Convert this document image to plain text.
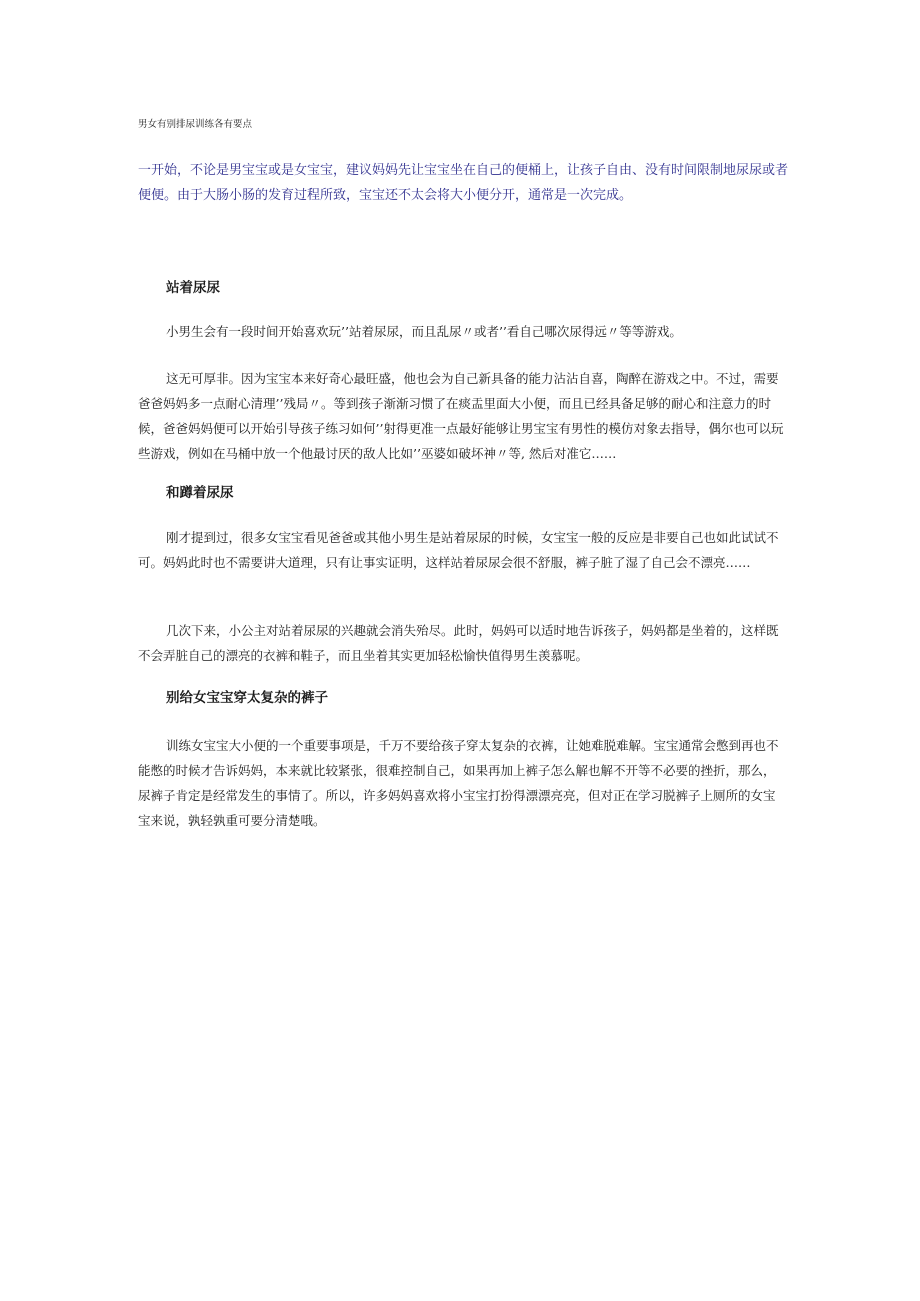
男女有别排尿训练各有要点

一开始，不论是男宝宝或是女宝宝，建议妈妈先让宝宝坐在自己的便桶上，让孩子自由、没有时间限制地尿尿或者便便。由于大肠小肠的发育过程所致，宝宝还不太会将大小便分开，通常是一次完成。

站着尿尿

小男生会有一段时间开始喜欢玩’’站着尿尿，而且乱尿〃或者’’看自己哪次尿得远〃等等游戏。

这无可厚非。因为宝宝本来好奇心最旺盛，他也会为自己新具备的能力沾沾自喜，陶醉在游戏之中。不过，需要爸爸妈妈多一点耐心清理’’残局〃。等到孩子渐渐习惯了在痰盂里面大小便，而且已经具备足够的耐心和注意力的时候，爸爸妈妈便可以开始引导孩子练习如何’’射得更准一点最好能够让男宝宝有男性的模仿对象去指导，偶尔也可以玩些游戏，例如在马桶中放一个他最讨厌的敌人比如’’巫婆如破坏神〃等, 然后对准它……

和蹲着尿尿

刚才提到过，很多女宝宝看见爸爸或其他小男生是站着尿尿的时候，女宝宝一般的反应是非要自己也如此试试不可。妈妈此时也不需要讲大道理，只有让事实证明，这样站着尿尿会很不舒服，裤子脏了湿了自己会不漂亮……

几次下来，小公主对站着尿尿的兴趣就会消失殆尽。此时，妈妈可以适时地告诉孩子，妈妈都是坐着的，这样既不会弄脏自己的漂亮的衣裤和鞋子，而且坐着其实更加轻松愉快值得男生羡慕呢。

别给女宝宝穿太复杂的裤子

训练女宝宝大小便的一个重要事项是，千万不要给孩子穿太复杂的衣裤，让她难脱难解。宝宝通常会憋到再也不能憋的时候才告诉妈妈，本来就比较紧张，很难控制自己，如果再加上裤子怎么解也解不开等不必要的挫折，那么，尿裤子肯定是经常发生的事情了。所以，许多妈妈喜欢将小宝宝打扮得漂漂亮亮，但对正在学习脱裤子上厕所的女宝宝来说，孰轻孰重可要分清楚哦。
